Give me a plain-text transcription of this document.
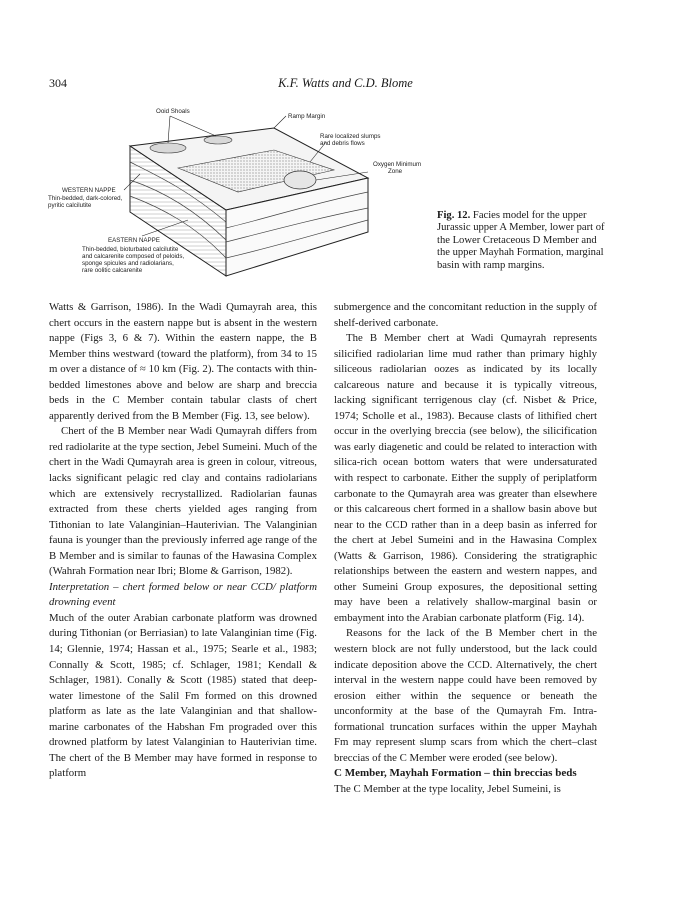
304	K.F. Watts and C.D. Blome
Ooid Shoals
Ramp Margin
Rare localized slumps
and debris flows
Oxygen Minimum
Zone
WESTERN NAPPE
Thin-bedded, dark-colored,
pyritic calcilutite
EASTERN NAPPE
Thin-bedded, bioturbated calcilutite
and calcarenite composed of peloids,
sponge spicules and radiolarians,
rare oolitic calcarenite
Fig. 12. Facies model for the upper Jurassic upper A Member, lower part of the Lower Cretaceous D Member and the upper Mayhah Formation, marginal basin with ramp margins.

Watts & Garrison, 1986). In the Wadi Qumayrah area, this chert occurs in the eastern nappe but is absent in the western nappe (Figs 3, 6 & 7). Within the eastern nappe, the B Member thins westward (toward the platform), from 34 to 15 m over a distance of ≈ 10 km (Fig. 2). The contacts with thin-bedded limestones above and below are sharp and breccia beds in the C Member contain tabular clasts of chert apparently derived from the B Member (Fig. 13, see below).

Chert of the B Member near Wadi Qumayrah differs from red radiolarite at the type section, Jebel Sumeini. Much of the chert in the Wadi Qumayrah area is green in colour, vitreous, lacks significant pelagic red clay and contains radiolarians which are extensively recrystallized. Radiolarian faunas extracted from these cherts yielded ages ranging from Tithonian to late Valanginian–Hauterivian. The Valanginian fauna is younger than the previously inferred age range of the B Member and is similar to faunas of the Hawasina Complex (Wahrah Formation near Ibri; Blome & Garrison, 1982).

Interpretation – chert formed below or near CCD/ platform drowning event

Much of the outer Arabian carbonate platform was drowned during Tithonian (or Berriasian) to late Valanginian time (Fig. 14; Glennie, 1974; Hassan et al., 1975; Searle et al., 1983; Connally & Scott, 1985; cf. Schlager, 1981; Kendall & Schlager, 1981). Conally & Scott (1985) stated that deep-water limestone of the Salil Fm formed on this drowned platform as late as the late Valanginian and that shallow-marine carbonates of the Habshan Fm prograded over this drowned platform by latest Valanginian to Hauterivian time. The chert of the B Member may have formed in response to platform

submergence and the concomitant reduction in the supply of shelf-derived carbonate.

The B Member chert at Wadi Qumayrah represents silicified radiolarian lime mud rather than primary highly siliceous radiolarian oozes as indicated by its locally calcareous nature and because it is typically vitreous, lacking significant terrigenous clay (cf. Nisbet & Price, 1974; Scholle et al., 1983). Because clasts of lithified chert occur in the overlying breccia (see below), the silicification was early diagenetic and could be related to interaction with silica-rich ocean bottom waters that were undersaturated with respect to carbonate. Either the supply of periplatform carbonate to the Qumayrah area was greater than elsewhere or this calcareous chert formed in a shallow basin above but near to the CCD rather than in a deep basin as inferred for the chert at Jebel Sumeini and in the Hawasina Complex (Watts & Garrison, 1986). Considering the stratigraphic relationships between the eastern and western nappes, and other Sumeini Group exposures, the depositional setting may have been a relatively shallow-marginal basin or embayment into the Arabian carbonate platform (Fig. 14).

Reasons for the lack of the B Member chert in the western block are not fully understood, but the lack could indicate deposition above the CCD. Alternatively, the chert interval in the western nappe could have been removed by erosion either within the sequence or beneath the unconformity at the base of the Qumayrah Fm. Intra-formational truncation surfaces within the upper Mayhah Fm may represent slump scars from which the chert–clast breccias of the C Member were eroded (see below).

C Member, Mayhah Formation – thin breccias beds

The C Member at the type locality, Jebel Sumeini, is
